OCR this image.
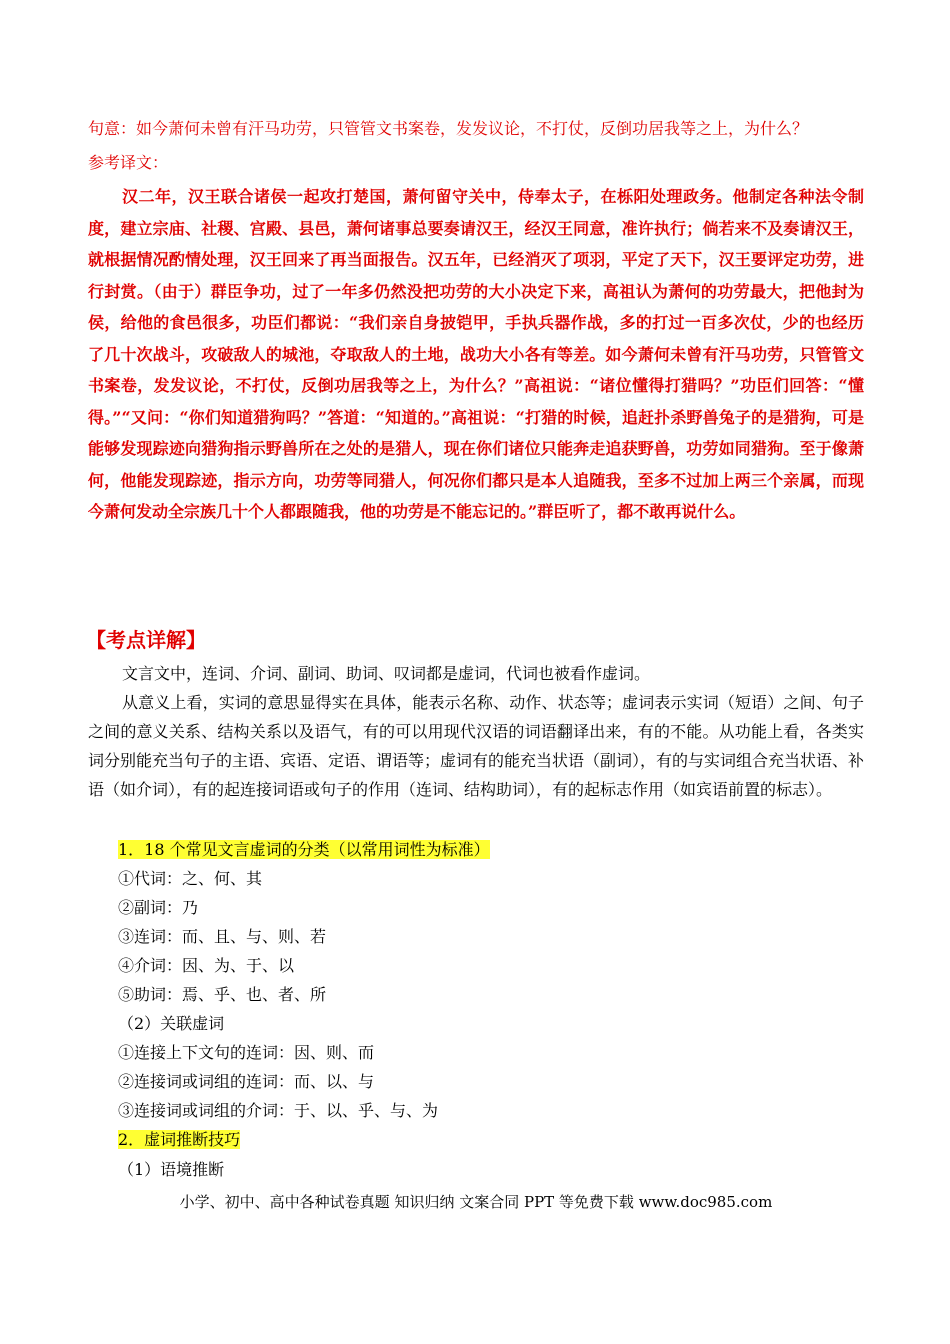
句意：如今萧何未曾有汗马功劳，只管管文书案卷，发发议论，不打仗，反倒功居我等之上，为什么？
参考译文：
汉二年，汉王联合诸侯一起攻打楚国，萧何留守关中，侍奉太子，在栎阳处理政务。他制定各种法令制度，建立宗庙、社稷、宫殿、县邑，萧何诸事总要奏请汉王，经汉王同意，准许执行；倘若来不及奏请汉王，就根据情况酌情处理，汉王回来了再当面报告。汉五年，已经消灭了项羽，平定了天下，汉王要评定功劳，进行封赏。（由于）群臣争功，过了一年多仍然没把功劳的大小决定下来，高祖认为萧何的功劳最大，把他封为侯，给他的食邑很多，功臣们都说：“我们亲自身披铠甲，手执兵器作战，多的打过一百多次仗，少的也经历了几十次战斗，攻破敌人的城池，夺取敌人的土地，战功大小各有等差。如今萧何未曾有汗马功劳，只管管文书案卷，发发议论，不打仗，反倒功居我等之上，为什么？”高祖说：“诸位懂得打猎吗？”功臣们回答：“懂得。”“又问：“你们知道猎狗吗？”答道：“知道的。”高祖说：“打猎的时候，追赶扑杀野兽兔子的是猎狗，可是能够发现踪迹向猎狗指示野兽所在之处的是猎人，现在你们诸位只能奔走追获野兽，功劳如同猎狗。至于像萧何，他能发现踪迹，指示方向，功劳等同猎人，何况你们都只是本人追随我，至多不过加上两三个亲属，而现今萧何发动全宗族几十个人都跟随我，他的功劳是不能忘记的。”群臣听了，都不敢再说什么。
【考点详解】
文言文中，连词、介词、副词、助词、叹词都是虚词，代词也被看作虚词。
从意义上看，实词的意思显得实在具体，能表示名称、动作、状态等；虚词表示实词（短语）之间、句子之间的意义关系、结构关系以及语气，有的可以用现代汉语的词语翻译出来，有的不能。从功能上看，各类实词分别能充当句子的主语、宾语、定语、谓语等；虚词有的能充当状语（副词），有的与实词组合充当状语、补语（如介词），有的起连接词语或句子的作用（连词、结构助词），有的起标志作用（如宾语前置的标志）。
1．18 个常见文言虚词的分类（以常用词性为标准）
①代词：之、何、其
②副词：乃
③连词：而、且、与、则、若
④介词：因、为、于、以
⑤助词：焉、乎、也、者、所
（2）关联虚词
①连接上下文句的连词：因、则、而
②连接词或词组的连词：而、以、与
③连接词或词组的介词：于、以、乎、与、为
2．虚词推断技巧
（1）语境推断
小学、初中、高中各种试卷真题 知识归纳 文案合同 PPT 等免费下载 www.doc985.com
